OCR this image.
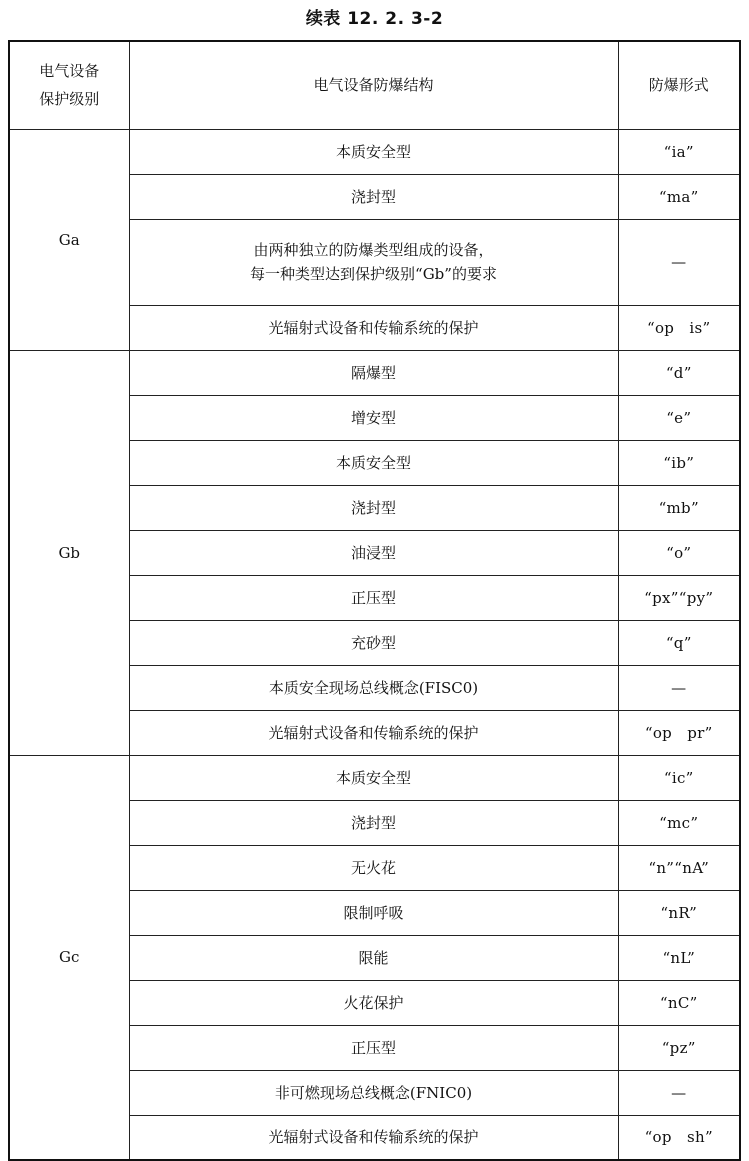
续表 12. 2. 3-2
电气设备
保护级别	电气设备防爆结构	防爆形式
Ga	本质安全型	“ia”
	浇封型	“ma”

	由两种独立的防爆类型组成的设备，
每一种类型达到保护级别“Gb”的要求	—
	光辐射式设备和传输系统的保护	“op   is”
Gb	隔爆型	“d”
	增安型	“e”
	本质安全型	“ib”
	浇封型	“mb”
	油浸型	“o”
	正压型	“px”“py”
	充砂型	“q”
	本质安全现场总线概念(FISC0)	—
	光辐射式设备和传输系统的保护	“op   pr”
Gc	本质安全型	“ic”
	浇封型	“mc”
	无火花	“n”“nA”
	限制呼吸	“nR”
	限能	“nL”
	火花保护	“nC”
	正压型	“pz”
	非可燃现场总线概念(FNIC0)	—
	光辐射式设备和传输系统的保护	“op   sh”
